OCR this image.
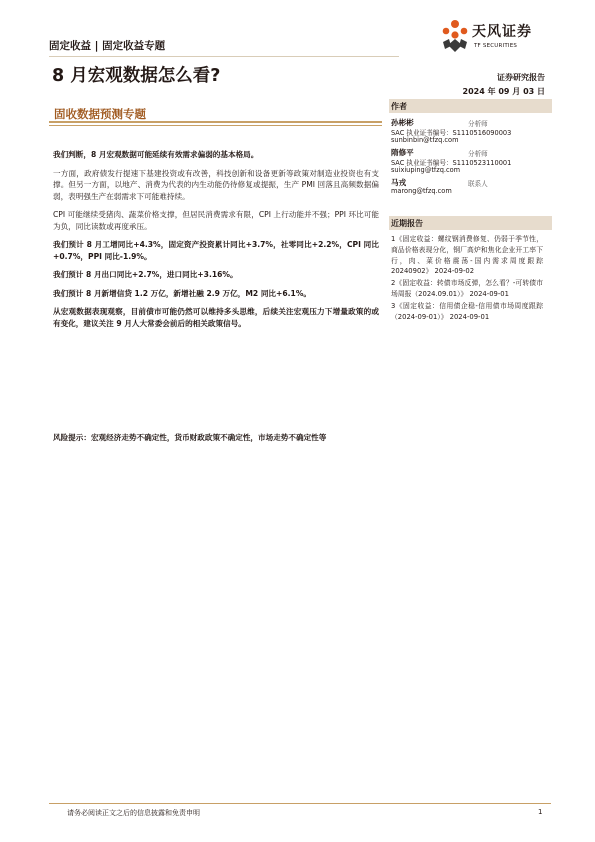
固定收益 | 固定收益专题
天风证券
TF SECURITIES
8 月宏观数据怎么看?	证券研究报告
2024 年 09 月 03 日
固收数据预测专题

我们判断，8 月宏观数据可能延续有效需求偏弱的基本格局。

一方面，政府债发行提速下基建投资或有改善，科技创新和设备更新等政策对制造业投资也有支撑。但另一方面，以地产、消费为代表的内生动能仍待修复或提振，生产 PMI 回落且高频数据偏弱，表明强生产在弱需求下可能难持续。

CPI 可能继续受猪肉、蔬菜价格支撑，但居民消费需求有限，CPI 上行动能并不强；PPI 环比可能为负，同比读数或再度承压。

我们预计 8 月工增同比+4.3%，固定资产投资累计同比+3.7%，社零同比+2.2%，CPI 同比+0.7%，PPI 同比-1.9%。

我们预计 8 月出口同比+2.7%，进口同比+3.16%。

我们预计 8 月新增信贷 1.2 万亿，新增社融 2.9 万亿，M2 同比+6.1%。

从宏观数据表现观察，目前债市可能仍然可以维持多头思维，后续关注宏观压力下增量政策的或有变化，建议关注 9 月人大常委会前后的相关政策信号。

风险提示：宏观经济走势不确定性，货币财政政策不确定性，市场走势不确定性等
作者
孙彬彬	分析师
SAC 执业证书编号：S1110516090003
sunbinbin@tfzq.com
隋修平	分析师
SAC 执业证书编号：S1110523110001
suixiuping@tfzq.com
马戎	联系人
marong@tfzq.com
近期报告

1《固定收益：螺纹钢消费修复、仍弱于季节性，商品价格表现分化，钢厂高炉和焦化企业开工率下行，肉、菜价格震荡-国内需求周度跟踪20240902》 2024-09-02

2《固定收益：转债市场反弹，怎么看？-可转债市场周报（2024.09.01）》 2024-09-01

3《固定收益：信用债企稳-信用债市场周度跟踪（2024-09-01）》 2024-09-01

请务必阅读正文之后的信息披露和免责申明	1
